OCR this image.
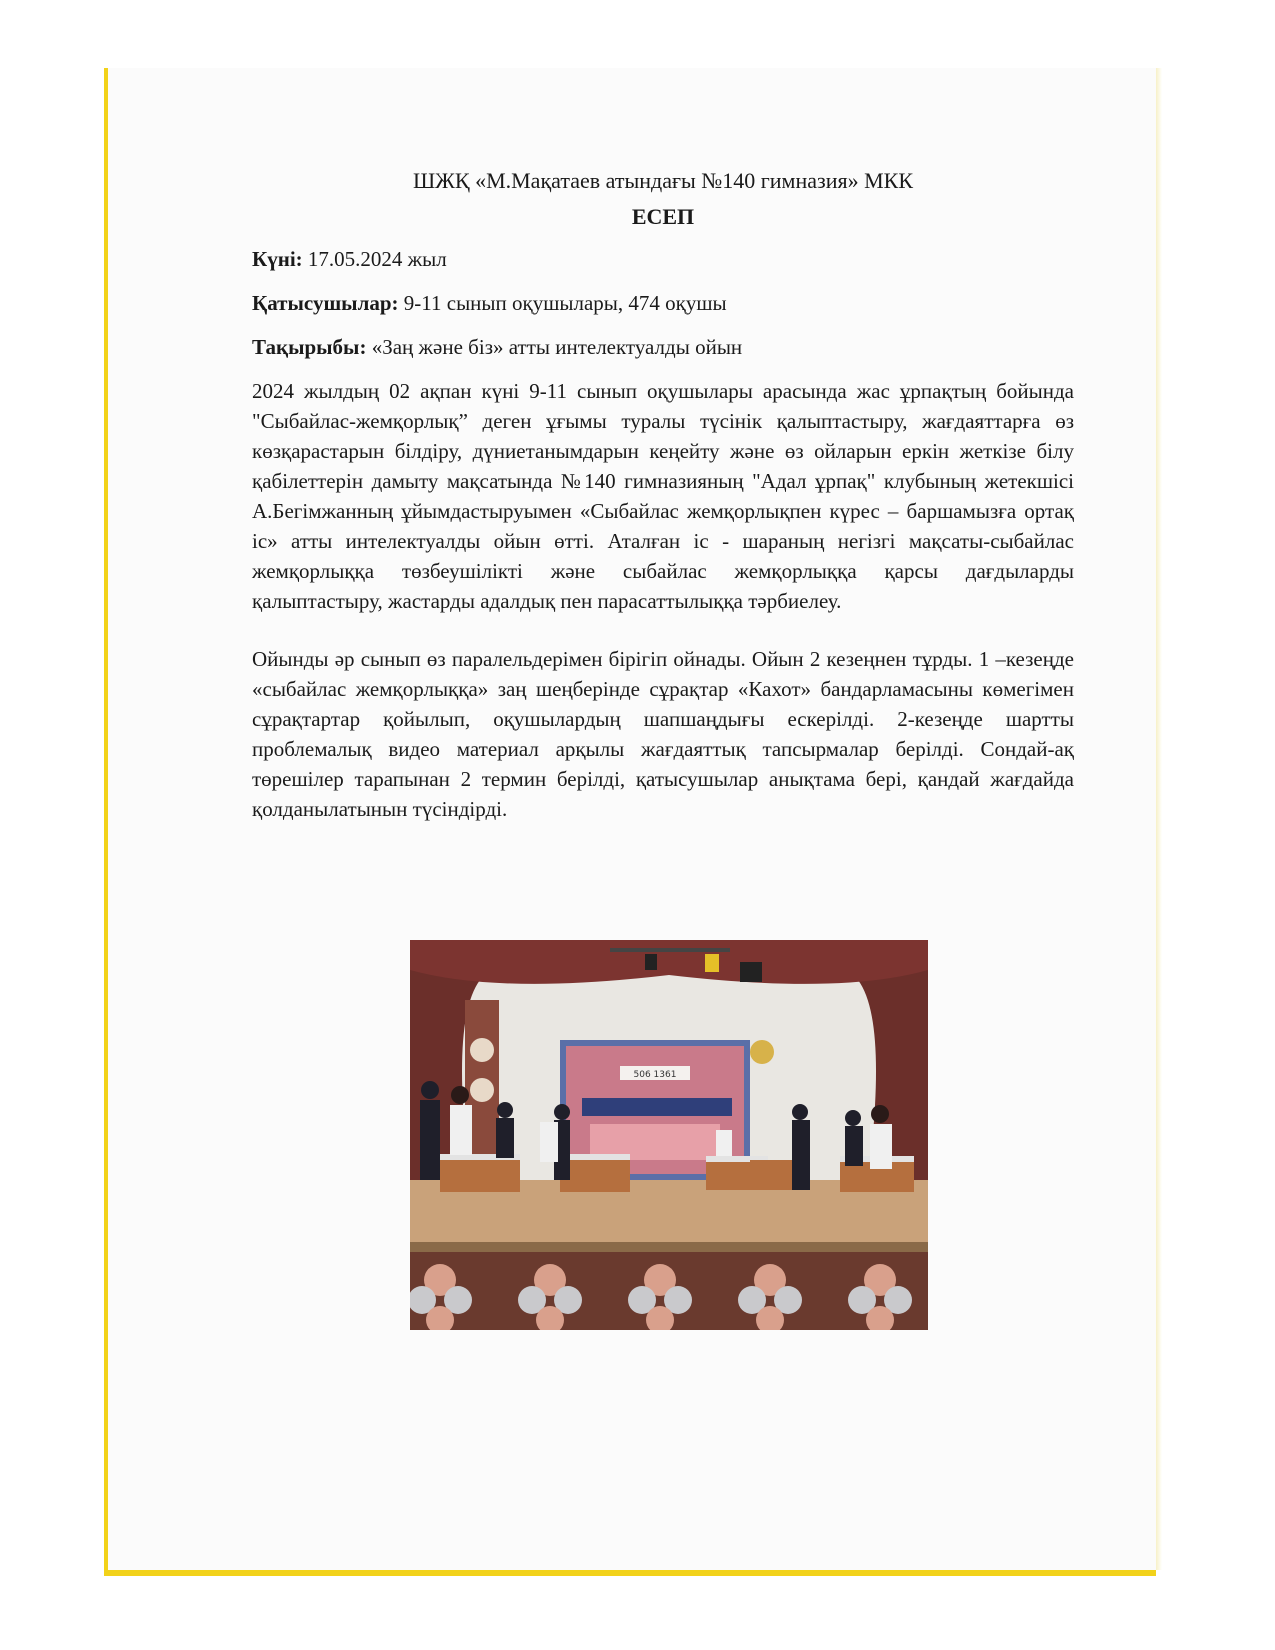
ШЖҚ «М.Мақатаев атындағы №140 гимназия» МКК

ЕСЕП

Күні: 17.05.2024 жыл

Қатысушылар: 9-11 сынып оқушылары, 474 оқушы

Тақырыбы: «Заң және біз» атты интелектуалды ойын

2024 жылдың 02 ақпан күні 9-11 сынып оқушылары арасында жас ұрпақтың бойында "Сыбайлас-жемқорлық” деген ұғымы туралы түсінік қалыптастыру, жағдаяттарға өз көзқарастарын білдіру, дүниетанымдарын кеңейту және өз ойларын еркін жеткізе білу қабілеттерін дамыту мақсатында №140 гимназияның "Адал ұрпақ" клубының жетекшісі А.Бегімжанның ұйымдастыруымен «Сыбайлас жемқорлықпен күрес – баршамызға ортақ іс» атты интелектуалды ойын өтті. Аталған іс - шараның негізгі мақсаты-сыбайлас жемқорлыққа төзбеушілікті және сыбайлас жемқорлыққа қарсы дағдыларды қалыптастыру, жастарды адалдық пен парасаттылыққа тәрбиелеу.

Ойынды әр сынып өз паралельдерімен бірігіп ойнады. Ойын 2 кезеңнен тұрды. 1 –кезеңде «сыбайлас жемқорлыққа» заң шеңберінде сұрақтар «Кахот» бандарламасыны көмегімен сұрақтартар қойылып, оқушылардың шапшаңдығы ескерілді. 2-кезеңде шартты проблемалық видео материал арқылы жағдаяттық тапсырмалар берілді. Сондай-ақ төрешілер тарапынан 2 термин берілді, қатысушылар анықтама бері, қандай жағдайда қолданылатынын түсіндірді.

506 1361
